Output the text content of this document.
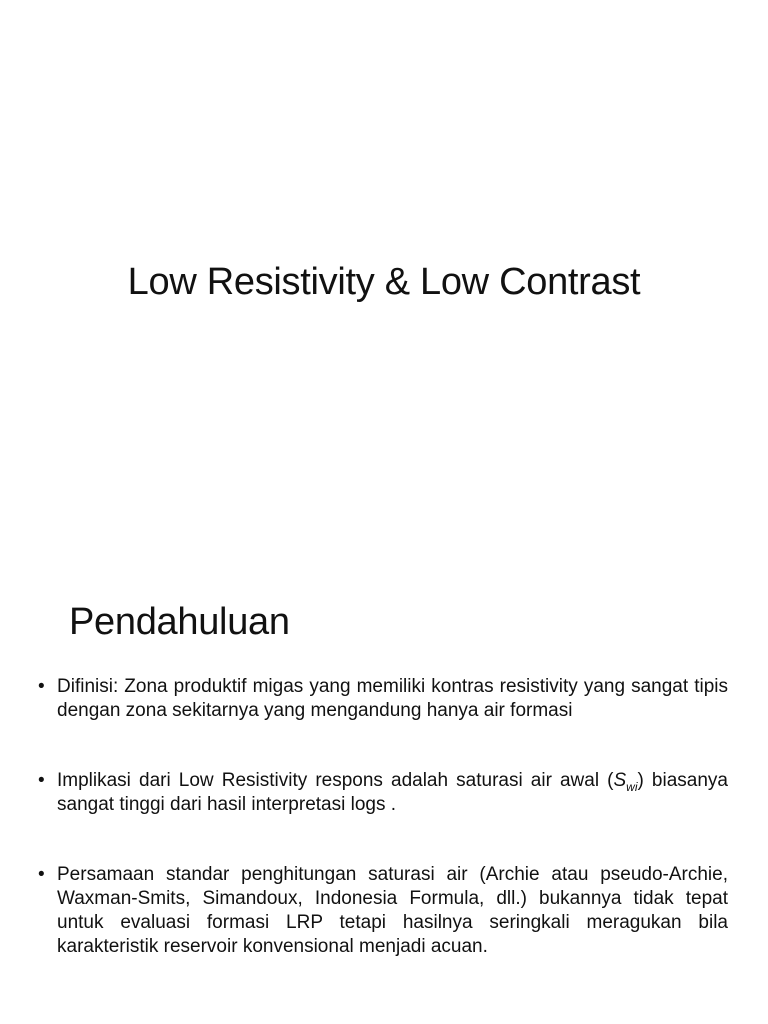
Low Resistivity & Low Contrast
Pendahuluan
• Difinisi: Zona produktif migas yang memiliki kontras resistivity yang sangat tipis dengan zona sekitarnya yang mengandung hanya air formasi
• Implikasi dari Low Resistivity respons adalah saturasi air awal $(S_{wi})$ biasanya sangat tinggi dari hasil interpretasi logs .
• Persamaan standar penghitungan saturasi air (Archie atau pseudo-Archie, Waxman-Smits, Simandoux, Indonesia Formula, dll.) bukannya tidak tepat untuk evaluasi formasi LRP tetapi hasilnya seringkali meragukan bila karakteristik reservoir konvensional menjadi acuan.
